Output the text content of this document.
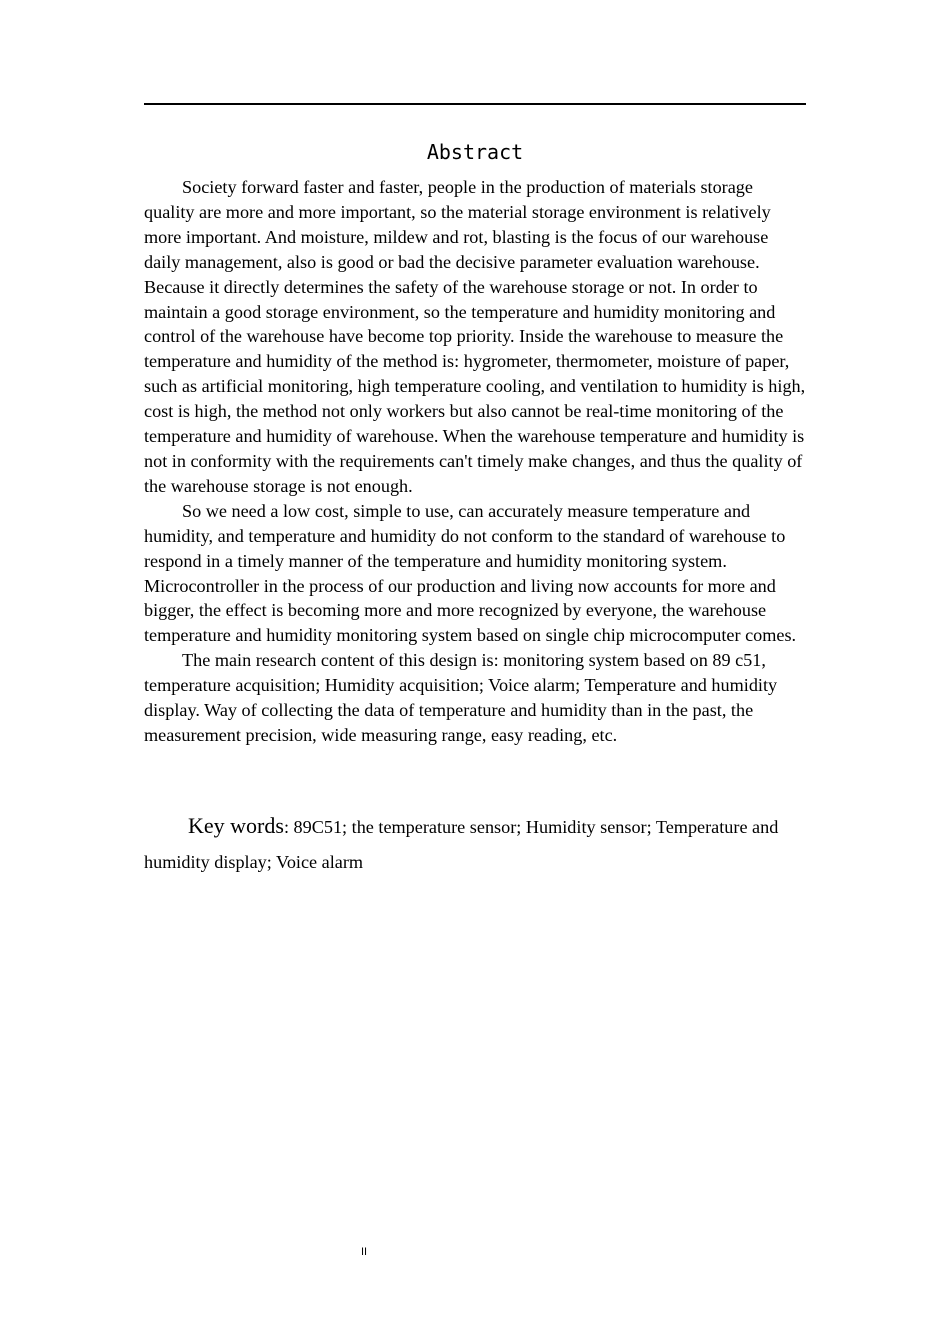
Abstract

Society forward faster and faster, people in the production of materials storage quality are more and more important, so the material storage environment is relatively more important. And moisture, mildew and rot, blasting is the focus of our warehouse daily management, also is good or bad the decisive parameter evaluation warehouse. Because it directly determines the safety of the warehouse storage or not. In order to maintain a good storage environment, so the temperature and humidity monitoring and control of the warehouse have become top priority. Inside the warehouse to measure the temperature and humidity of the method is: hygrometer, thermometer, moisture of paper, such as artificial monitoring, high temperature cooling, and ventilation to humidity is high, cost is high, the method not only workers but also cannot be real-time monitoring of the temperature and humidity of warehouse. When the warehouse temperature and humidity is not in conformity with the requirements can't timely make changes, and thus the quality of the warehouse storage is not enough.

So we need a low cost, simple to use, can accurately measure temperature and humidity, and temperature and humidity do not conform to the standard of warehouse to respond in a timely manner of the temperature and humidity monitoring system. Microcontroller in the process of our production and living now accounts for more and bigger, the effect is becoming more and more recognized by everyone, the warehouse temperature and humidity monitoring system based on single chip microcomputer comes.

The main research content of this design is: monitoring system based on 89 c51, temperature acquisition; Humidity acquisition; Voice alarm; Temperature and humidity display. Way of collecting the data of temperature and humidity than in the past, the measurement precision, wide measuring range, easy reading, etc.

Key words: 89C51; the temperature sensor; Humidity sensor; Temperature and humidity display; Voice alarm

II
